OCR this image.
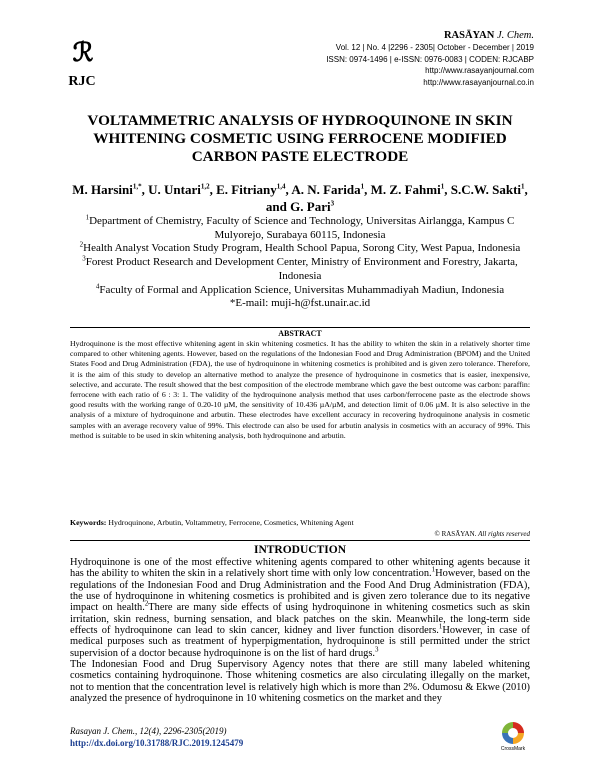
ℛ
RJC
RASĀYAN J. Chem.
Vol. 12 | No. 4 |2296 - 2305| October - December | 2019
ISSN: 0974-1496 | e-ISSN: 0976-0083 | CODEN: RJCABP
http://www.rasayanjournal.com
http://www.rasayanjournal.co.in
VOLTAMMETRIC ANALYSIS OF HYDROQUINONE IN SKIN WHITENING COSMETIC USING FERROCENE MODIFIED CARBON PASTE ELECTRODE
M. Harsini$^{1,*}$, U. Untari$^{1,2}$, E. Fitriany$^{1,4}$, A. N. Farida$^1$, M. Z. Fahmi$^1$, S.C.W. Sakti$^1$, and G. Pari$^3$

$^1$Department of Chemistry, Faculty of Science and Technology, Universitas Airlangga, Kampus C Mulyorejo, Surabaya 60115, Indonesia

$^2$Health Analyst Vocation Study Program, Health School Papua, Sorong City, West Papua, Indonesia

$^3$Forest Product Research and Development Center, Ministry of Environment and Forestry, Jakarta, Indonesia

$^4$Faculty of Formal and Application Science, Universitas Muhammadiyah Madiun, Indonesia

*E-mail: muji-h@fst.unair.ac.id

ABSTRACT
Hydroquinone is the most effective whitening agent in skin whitening cosmetics. It has the ability to whiten the skin in a relatively shorter time compared to other whitening agents. However, based on the regulations of the Indonesian Food and Drug Administration (BPOM) and the United States Food and Drug Administration (FDA), the use of hydroquinone in whitening cosmetics is prohibited and is given zero tolerance. Therefore, it is the aim of this study to develop an alternative method to analyze the presence of hydroquinone in cosmetics that is easier, inexpensive, selective, and accurate. The result showed that the best composition of the electrode membrane which gave the best outcome was carbon: paraffin: ferrocene with each ratio of 6 : 3: 1. The validity of the hydroquinone analysis method that uses carbon/ferrocene paste as the electrode shows good results with the working range of 0.20-10 µM, the sensitivity of 10.436 µA/µM, and detection limit of 0.06 µM. It is also selective in the analysis of a mixture of hydroquinone and arbutin. These electrodes have excellent accuracy in recovering hydroquinone analysis in cosmetic samples with an average recovery value of 99%. This electrode can also be used for arbutin analysis in cosmetics with an accuracy of 99%. This method is suitable to be used in skin whitening analysis, both hydroquinone and arbutin.
Keywords: Hydroquinone, Arbutin, Voltammetry, Ferrocene, Cosmetics, Whitening Agent
© RASĀYAN. All rights reserved
INTRODUCTION

Hydroquinone is one of the most effective whitening agents compared to other whitening agents because it has the ability to whiten the skin in a relatively short time with only low concentration.$^1$However, based on the regulations of the Indonesian Food and Drug Administration and the Food And Drug Administration (FDA), the use of hydroquinone in whitening cosmetics is prohibited and is given zero tolerance due to its negative impact on health.$^2$There are many side effects of using hydroquinone in whitening cosmetics such as skin irritation, skin redness, burning sensation, and black patches on the skin. Meanwhile, the long-term side effects of hydroquinone can lead to skin cancer, kidney and liver function disorders.$^1$However, in case of medical purposes such as treatment of hyperpigmentation, hydroquinone is still permitted under the strict supervision of a doctor because hydroquinone is on the list of hard drugs.$^3$

The Indonesian Food and Drug Supervisory Agency notes that there are still many labeled whitening cosmetics containing hydroquinone. Those whitening cosmetics are also circulating illegally on the market, not to mention that the concentration level is relatively high which is more than 2%. Odumosu & Ekwe (2010) analyzed the presence of hydroquinone in 10 whitening cosmetics on the market and they

Rasayan J. Chem., 12(4), 2296-2305(2019)
http://dx.doi.org/10.31788/RJC.2019.1245479
CrossMark
